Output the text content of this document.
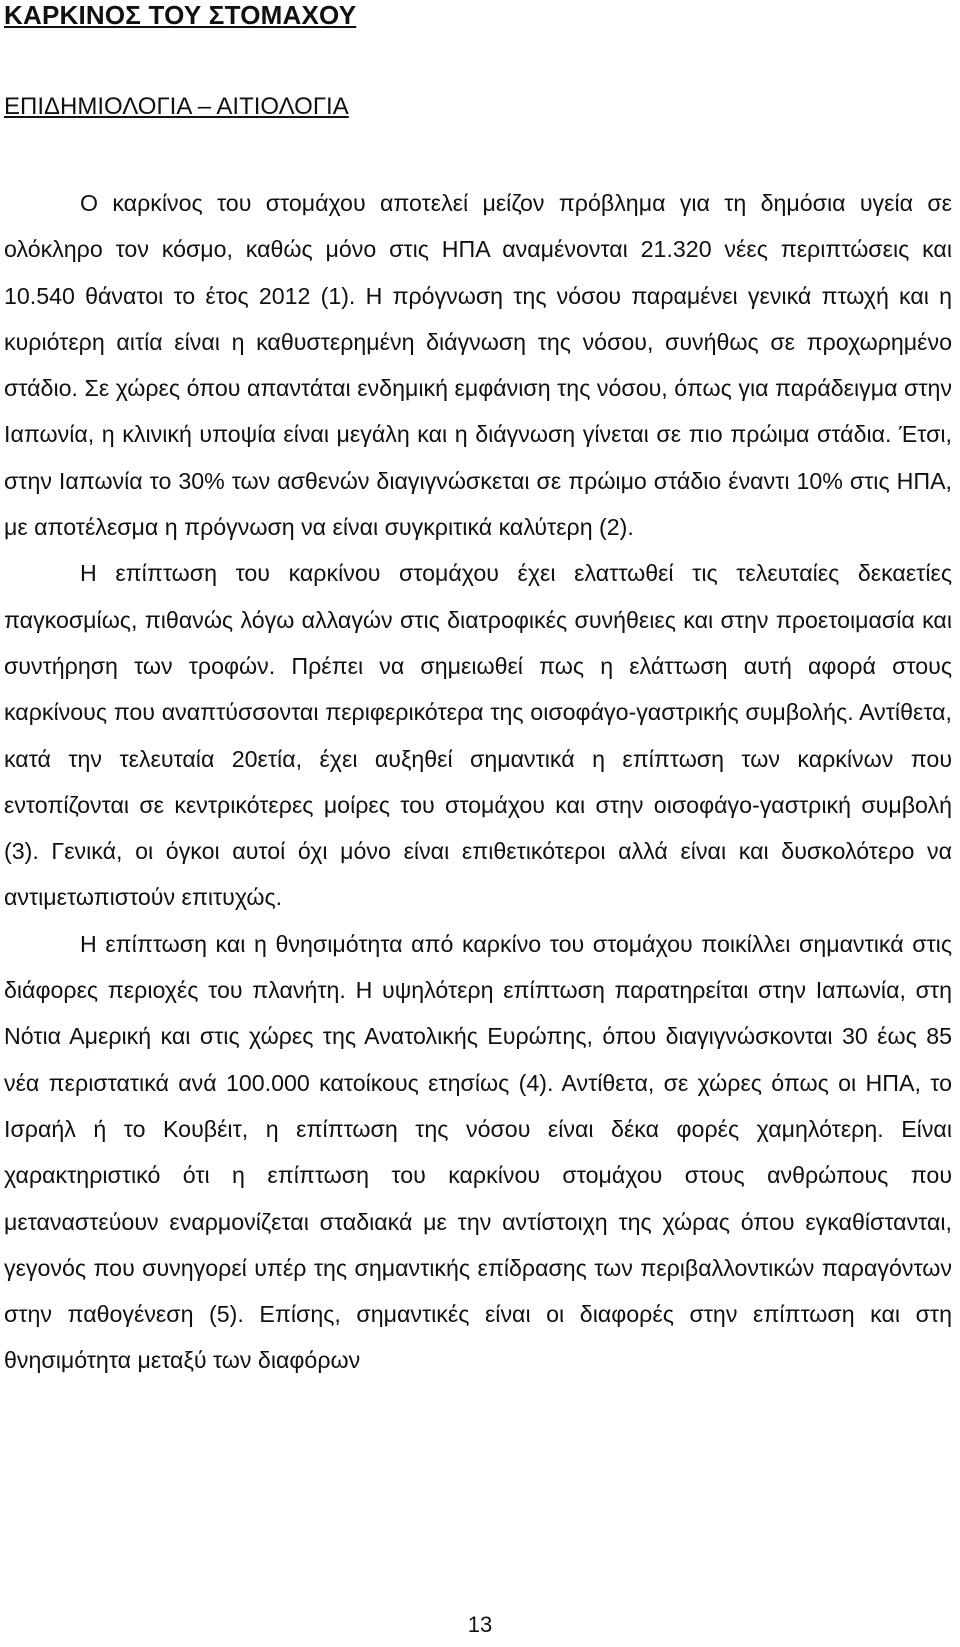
ΚΑΡΚΙΝΟΣ ΤΟΥ ΣΤΟΜΑΧΟΥ
ΕΠΙΔΗΜΙΟΛΟΓΙΑ – ΑΙΤΙΟΛΟΓΙΑ

Ο καρκίνος του στομάχου αποτελεί μείζον πρόβλημα για τη δημόσια υγεία σε ολόκληρο τον κόσμο, καθώς μόνο στις ΗΠΑ αναμένονται 21.320 νέες περιπτώσεις και 10.540 θάνατοι το έτος 2012 (1). Η πρόγνωση της νόσου παραμένει γενικά πτωχή και η κυριότερη αιτία είναι η καθυστερημένη διάγνωση της νόσου, συνήθως σε προχωρημένο στάδιο. Σε χώρες όπου απαντάται ενδημική εμφάνιση της νόσου, όπως για παράδειγμα στην Ιαπωνία, η κλινική υποψία είναι μεγάλη και η διάγνωση γίνεται σε πιο πρώιμα στάδια. Έτσι, στην Ιαπωνία το 30% των ασθενών διαγιγνώσκεται σε πρώιμο στάδιο έναντι 10% στις ΗΠΑ, με αποτέλεσμα η πρόγνωση να είναι συγκριτικά καλύτερη (2).

Η επίπτωση του καρκίνου στομάχου έχει ελαττωθεί τις τελευταίες δεκαετίες παγκοσμίως, πιθανώς λόγω αλλαγών στις διατροφικές συνήθειες και στην προετοιμασία και συντήρηση των τροφών. Πρέπει να σημειωθεί πως η ελάττωση αυτή αφορά στους καρκίνους που αναπτύσσονται περιφερικότερα της οισοφάγο-γαστρικής συμβολής. Αντίθετα, κατά την τελευταία 20ετία, έχει αυξηθεί σημαντικά η επίπτωση των καρκίνων που εντοπίζονται σε κεντρικότερες μοίρες του στομάχου και στην οισοφάγο-γαστρική συμβολή (3). Γενικά, οι όγκοι αυτοί όχι μόνο είναι επιθετικότεροι αλλά είναι και δυσκολότερο να αντιμετωπιστούν επιτυχώς.

Η επίπτωση και η θνησιμότητα από καρκίνο του στομάχου ποικίλλει σημαντικά στις διάφορες περιοχές του πλανήτη. Η υψηλότερη επίπτωση παρατηρείται στην Ιαπωνία, στη Νότια Αμερική και στις χώρες της Ανατολικής Ευρώπης, όπου διαγιγνώσκονται 30 έως 85 νέα περιστατικά ανά 100.000 κατοίκους ετησίως (4). Αντίθετα, σε χώρες όπως οι ΗΠΑ, το Ισραήλ ή το Κουβέιτ, η επίπτωση της νόσου είναι δέκα φορές χαμηλότερη. Είναι χαρακτηριστικό ότι η επίπτωση του καρκίνου στομάχου στους ανθρώπους που μεταναστεύουν εναρμονίζεται σταδιακά με την αντίστοιχη της χώρας όπου εγκαθίστανται, γεγονός που συνηγορεί υπέρ της σημαντικής επίδρασης των περιβαλλοντικών παραγόντων στην παθογένεση (5). Επίσης, σημαντικές είναι οι διαφορές στην επίπτωση και στη θνησιμότητα μεταξύ των διαφόρων

13
